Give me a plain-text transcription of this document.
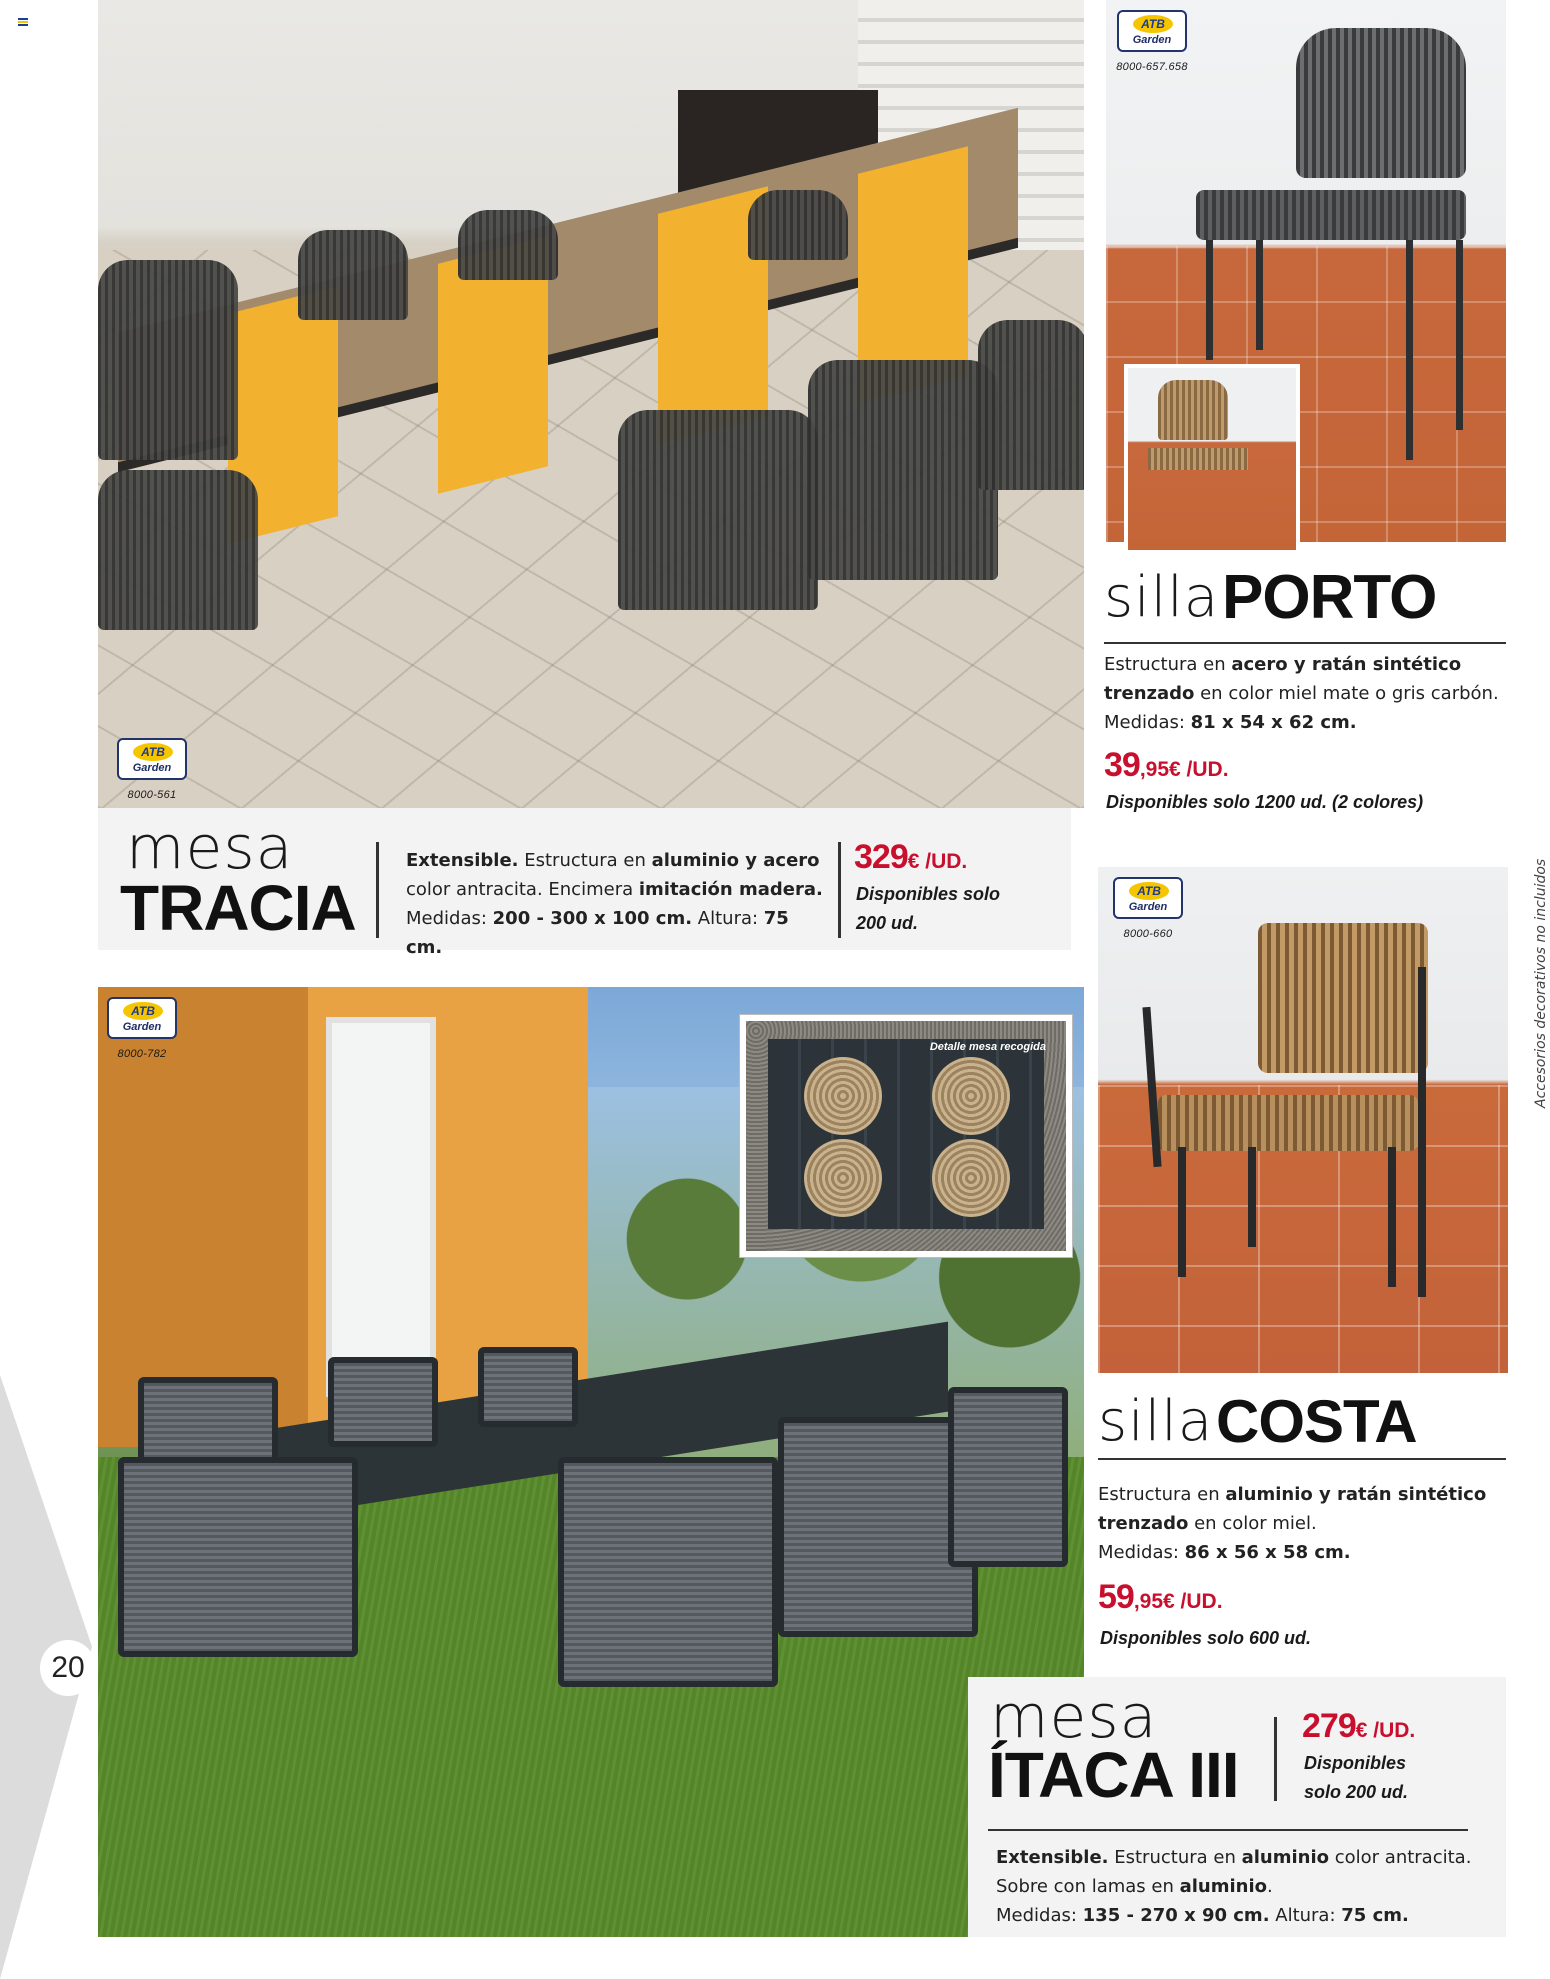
ATB
Garden
8000-561
mesa
TRACIA
Extensible. Estructura en aluminio y acero
color antracita. Encimera imitación madera.
Medidas: 200 - 300 x 100 cm. Altura: 75 cm.
329€ /UD.
Disponibles solo
200 ud.
ATB
Garden
8000-657.658
silla PORTO
Estructura en acero y ratán sintético
trenzado en color miel mate o gris carbón.
Medidas: 81 x 54 x 62 cm.
39,95€ /UD.
Disponibles solo 1200 ud. (2 colores)
Accesorios decorativos no incluidos
ATB
Garden
8000-660
silla COSTA
Estructura en aluminio y ratán sintético
trenzado en color miel.
Medidas: 86 x 56 x 58 cm.
59,95€ /UD.
Disponibles solo 600 ud.
ATB
Garden
8000-782
Detalle mesa recogida
mesa
ÍTACA III
279€ /UD.
Disponibles
solo 200 ud.
Extensible. Estructura en aluminio color antracita.
Sobre con lamas en aluminio.
Medidas: 135 - 270 x 90 cm. Altura: 75 cm.
20
